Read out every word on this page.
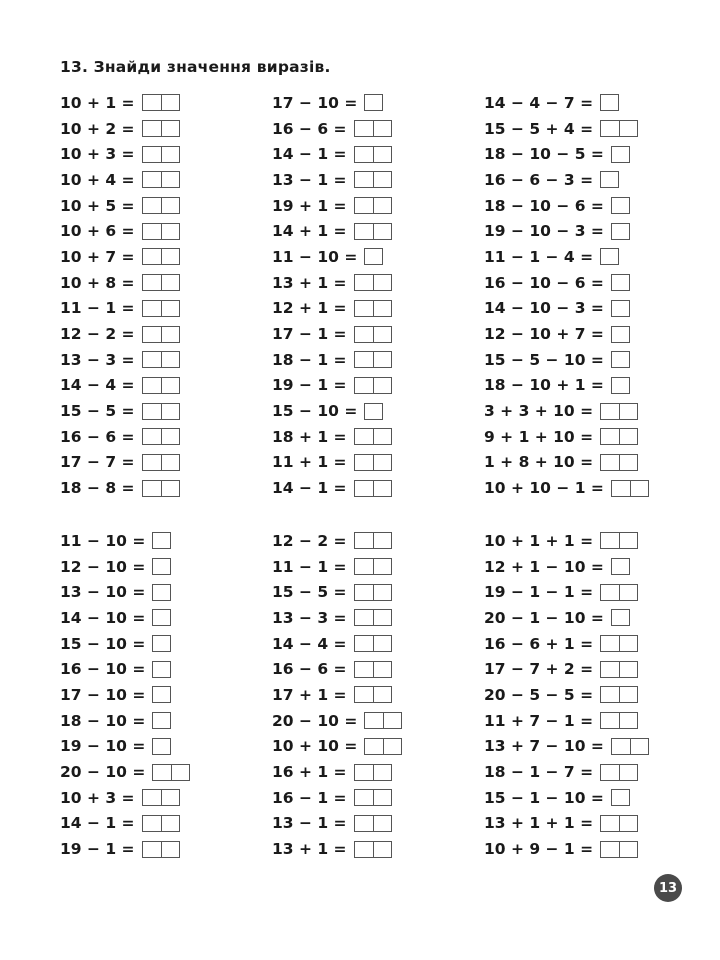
13. Знайди значення виразів.
10 + 1 =
10 + 2 =
10 + 3 =
10 + 4 =
10 + 5 =
10 + 6 =
10 + 7 =
10 + 8 =
11 − 1 =
12 − 2 =
13 − 3 =
14 − 4 =
15 − 5 =
16 − 6 =
17 − 7 =
18 − 8 =
17 − 10 =
16 − 6 =
14 − 1 =
13 − 1 =
19 + 1 =
14 + 1 =
11 − 10 =
13 + 1 =
12 + 1 =
17 − 1 =
18 − 1 =
19 − 1 =
15 − 10 =
18 + 1 =
11 + 1 =
14 − 1 =
14 − 4 − 7 =
15 − 5 + 4 =
18 − 10 − 5 =
16 − 6 − 3 =
18 − 10 − 6 =
19 − 10 − 3 =
11 − 1 − 4 =
16 − 10 − 6 =
14 − 10 − 3 =
12 − 10 + 7 =
15 − 5 − 10 =
18 − 10 + 1 =
3 + 3 + 10 =
9 + 1 + 10 =
1 + 8 + 10 =
10 + 10 − 1 =
11 − 10 =
12 − 10 =
13 − 10 =
14 − 10 =
15 − 10 =
16 − 10 =
17 − 10 =
18 − 10 =
19 − 10 =
20 − 10 =
10 + 3 =
14 − 1 =
19 − 1 =
12 − 2 =
11 − 1 =
15 − 5 =
13 − 3 =
14 − 4 =
16 − 6 =
17 + 1 =
20 − 10 =
10 + 10 =
16 + 1 =
16 − 1 =
13 − 1 =
13 + 1 =
10 + 1 + 1 =
12 + 1 − 10 =
19 − 1 − 1 =
20 − 1 − 10 =
16 − 6 + 1 =
17 − 7 + 2 =
20 − 5 − 5 =
11 + 7 − 1 =
13 + 7 − 10 =
18 − 1 − 7 =
15 − 1 − 10 =
13 + 1 + 1 =
10 + 9 − 1 =
13
